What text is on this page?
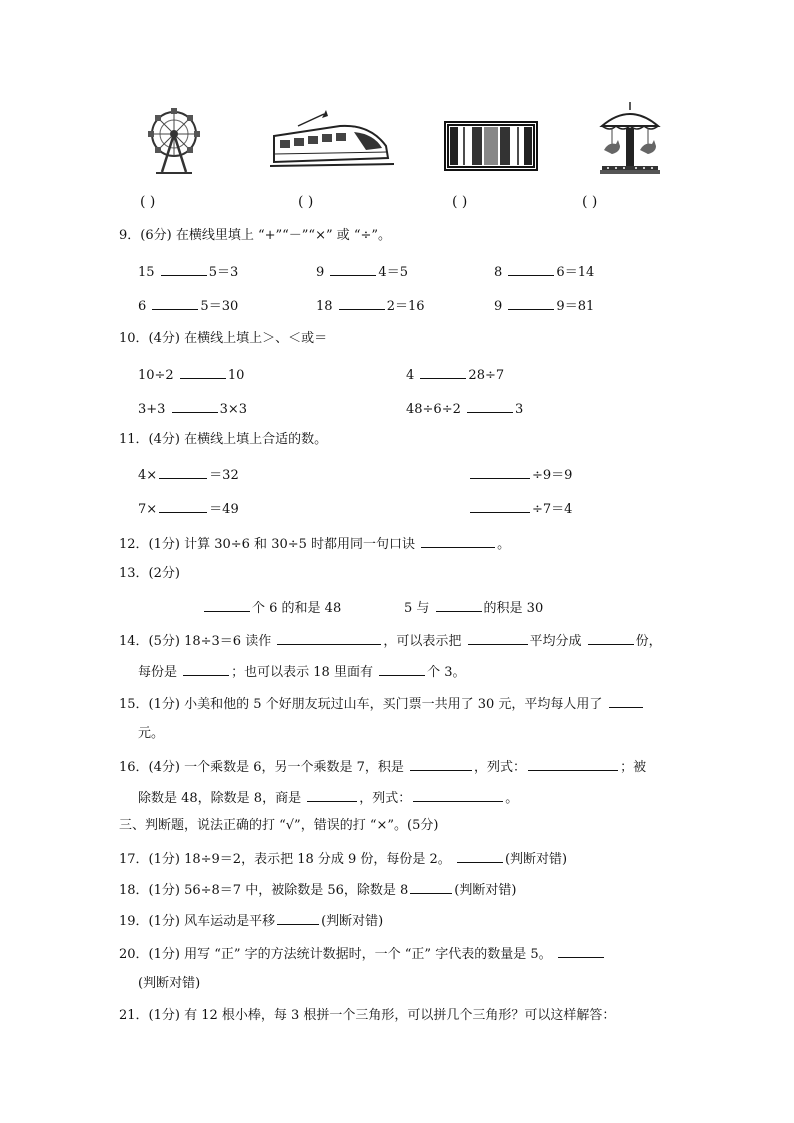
( )	( )	( )	( )
9．(6分) 在横线里填上 “+”“－”“×” 或 “÷”。
15	5＝3	9	4＝5	8	6＝14
6	5＝30	18	2＝16	9	9＝81
10．(4分) 在横线上填上＞、＜或＝
10÷2	10	4	28÷7
3+3	3×3	48÷6÷2	3
11．(4分) 在横线上填上合适的数。
4×	＝32	÷9＝9
7×	＝49	÷7＝4
12．(1分) 计算 30÷6 和 30÷5 时都用同一句口诀	。
13．(2分)
个 6 的和是 48	5 与	的积是 30
14．(5分) 18÷3＝6 读作	，可以表示把	平均分成	份，
每份是	；也可以表示 18 里面有	个 3。
15．(1分) 小美和他的 5 个好朋友玩过山车，买门票一共用了 30 元，平均每人用了
元。
16．(4分) 一个乘数是 6，另一个乘数是 7，积是	，列式：	；被
除数是 48，除数是 8，商是	，列式：	。
三、判断题，说法正确的打 “√”，错误的打 “×”。(5分)
17．(1分) 18÷9＝2，表示把 18 分成 9 份，每份是 2。	(判断对错)
18．(1分) 56÷8＝7 中，被除数是 56，除数是 8	(判断对错)
19．(1分) 风车运动是平移	(判断对错)
20．(1分) 用写 “正” 字的方法统计数据时，一个 “正” 字代表的数量是 5。
(判断对错)
21．(1分) 有 12 根小棒，每 3 根拼一个三角形，可以拼几个三角形？可以这样解答：
